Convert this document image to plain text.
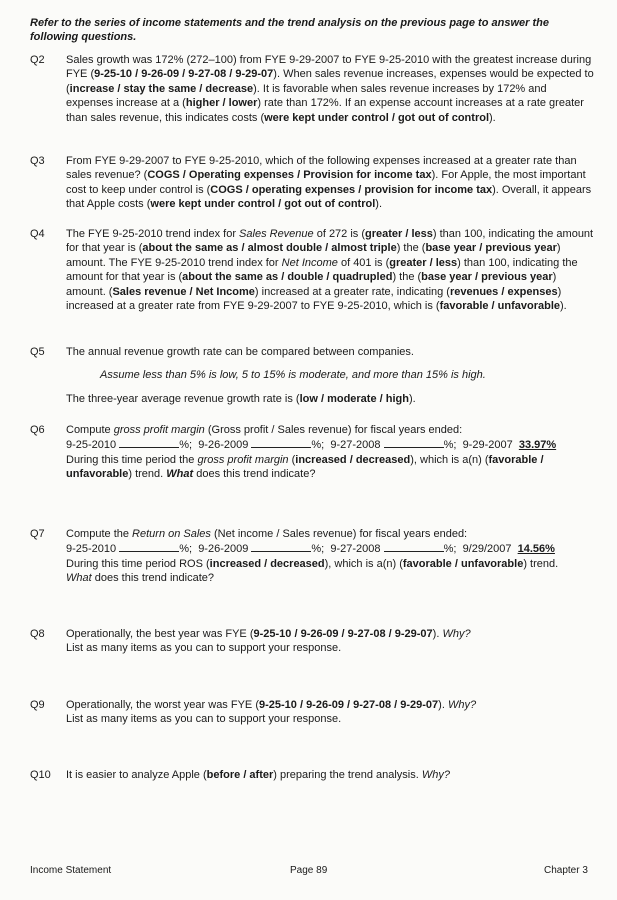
Refer to the series of income statements and the trend analysis on the previous page to answer the following questions.
Q2	Sales growth was 172% (272–100) from FYE 9-29-2007 to FYE 9-25-2010 with the greatest increase during FYE (9-25-10 / 9-26-09 / 9-27-08 / 9-29-07). When sales revenue increases, expenses would be expected to (increase / stay the same / decrease). It is favorable when sales revenue increases by 172% and expenses increase at a (higher / lower) rate than 172%. If an expense account increases at a rate greater than sales revenue, this indicates costs (were kept under control / got out of control).
Q3	From FYE 9-29-2007 to FYE 9-25-2010, which of the following expenses increased at a greater rate than sales revenue? (COGS / Operating expenses / Provision for income tax). For Apple, the most important cost to keep under control is (COGS / operating expenses / provision for income tax). Overall, it appears that Apple costs (were kept under control / got out of control).
Q4	The FYE 9-25-2010 trend index for Sales Revenue of 272 is (greater / less) than 100, indicating the amount for that year is (about the same as / almost double / almost triple) the (base year / previous year) amount. The FYE 9-25-2010 trend index for Net Income of 401 is (greater / less) than 100, indicating the amount for that year is (about the same as / double / quadrupled) the (base year / previous year) amount. (Sales revenue / Net Income) increased at a greater rate, indicating (revenues / expenses) increased at a greater rate from FYE 9-29-2007 to FYE 9-25-2010, which is (favorable / unfavorable).
Q5	The annual revenue growth rate can be compared between companies.
Assume less than 5% is low, 5 to 15% is moderate, and more than 15% is high.
The three-year average revenue growth rate is (low / moderate / high).
Q6	Compute gross profit margin (Gross profit / Sales revenue) for fiscal years ended:
9-25-2010	%; 9-26-2009	%; 9-27-2008	%; 9-29-2007 33.97%
During this time period the gross profit margin (increased / decreased), which is a(n) (favorable / unfavorable) trend. What does this trend indicate?
Q7	Compute the Return on Sales (Net income / Sales revenue) for fiscal years ended:
9-25-2010	%; 9-26-2009	%; 9-27-2008	%; 9/29/2007 14.56%
During this time period ROS (increased / decreased), which is a(n) (favorable / unfavorable) trend.
What does this trend indicate?
Q8	Operationally, the best year was FYE (9-25-10 / 9-26-09 / 9-27-08 / 9-29-07). Why?
List as many items as you can to support your response.
Q9	Operationally, the worst year was FYE (9-25-10 / 9-26-09 / 9-27-08 / 9-29-07). Why?
List as many items as you can to support your response.
Q10	It is easier to analyze Apple (before / after) preparing the trend analysis. Why?
Income Statement	Page 89	Chapter 3
